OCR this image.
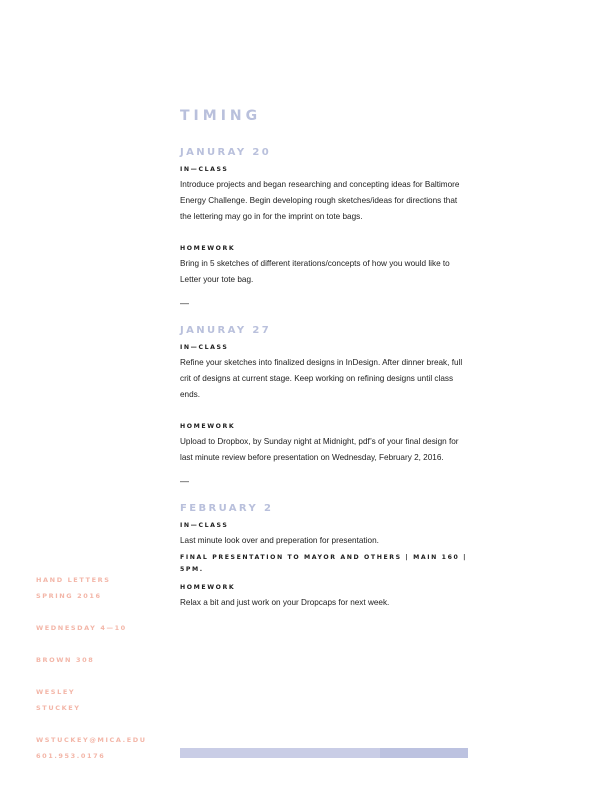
TIMING
JANURAY 20
IN—CLASS

Introduce projects and began researching and concepting ideas for Baltimore Energy Challenge. Begin developing rough sketches/ideas for directions that the lettering may go in for the imprint on tote bags.

HOMEWORK

Bring in 5 sketches of different iterations/concepts of how you would like to Letter your tote bag.

—
JANURAY 27
IN—CLASS

Refine your sketches into finalized designs in InDesign. After dinner break, full crit of designs at current stage. Keep working on refining designs until class ends.

HOMEWORK

Upload to Dropbox, by Sunday night at Midnight, pdf’s of your final design for last minute review before presentation on Wednesday, February 2, 2016.

—
FEBRUARY 2
IN—CLASS

Last minute look over and preperation for presentation.

FINAL PRESENTATION TO MAYOR AND OTHERS | MAIN 160 | 5PM.
HOMEWORK

Relax a bit and just work on your Dropcaps for next week.

HAND LETTERS
SPRING 2016
WEDNESDAY 4—10
BROWN 308
WESLEY
STUCKEY
WSTUCKEY@MICA.EDU
601.953.0176
